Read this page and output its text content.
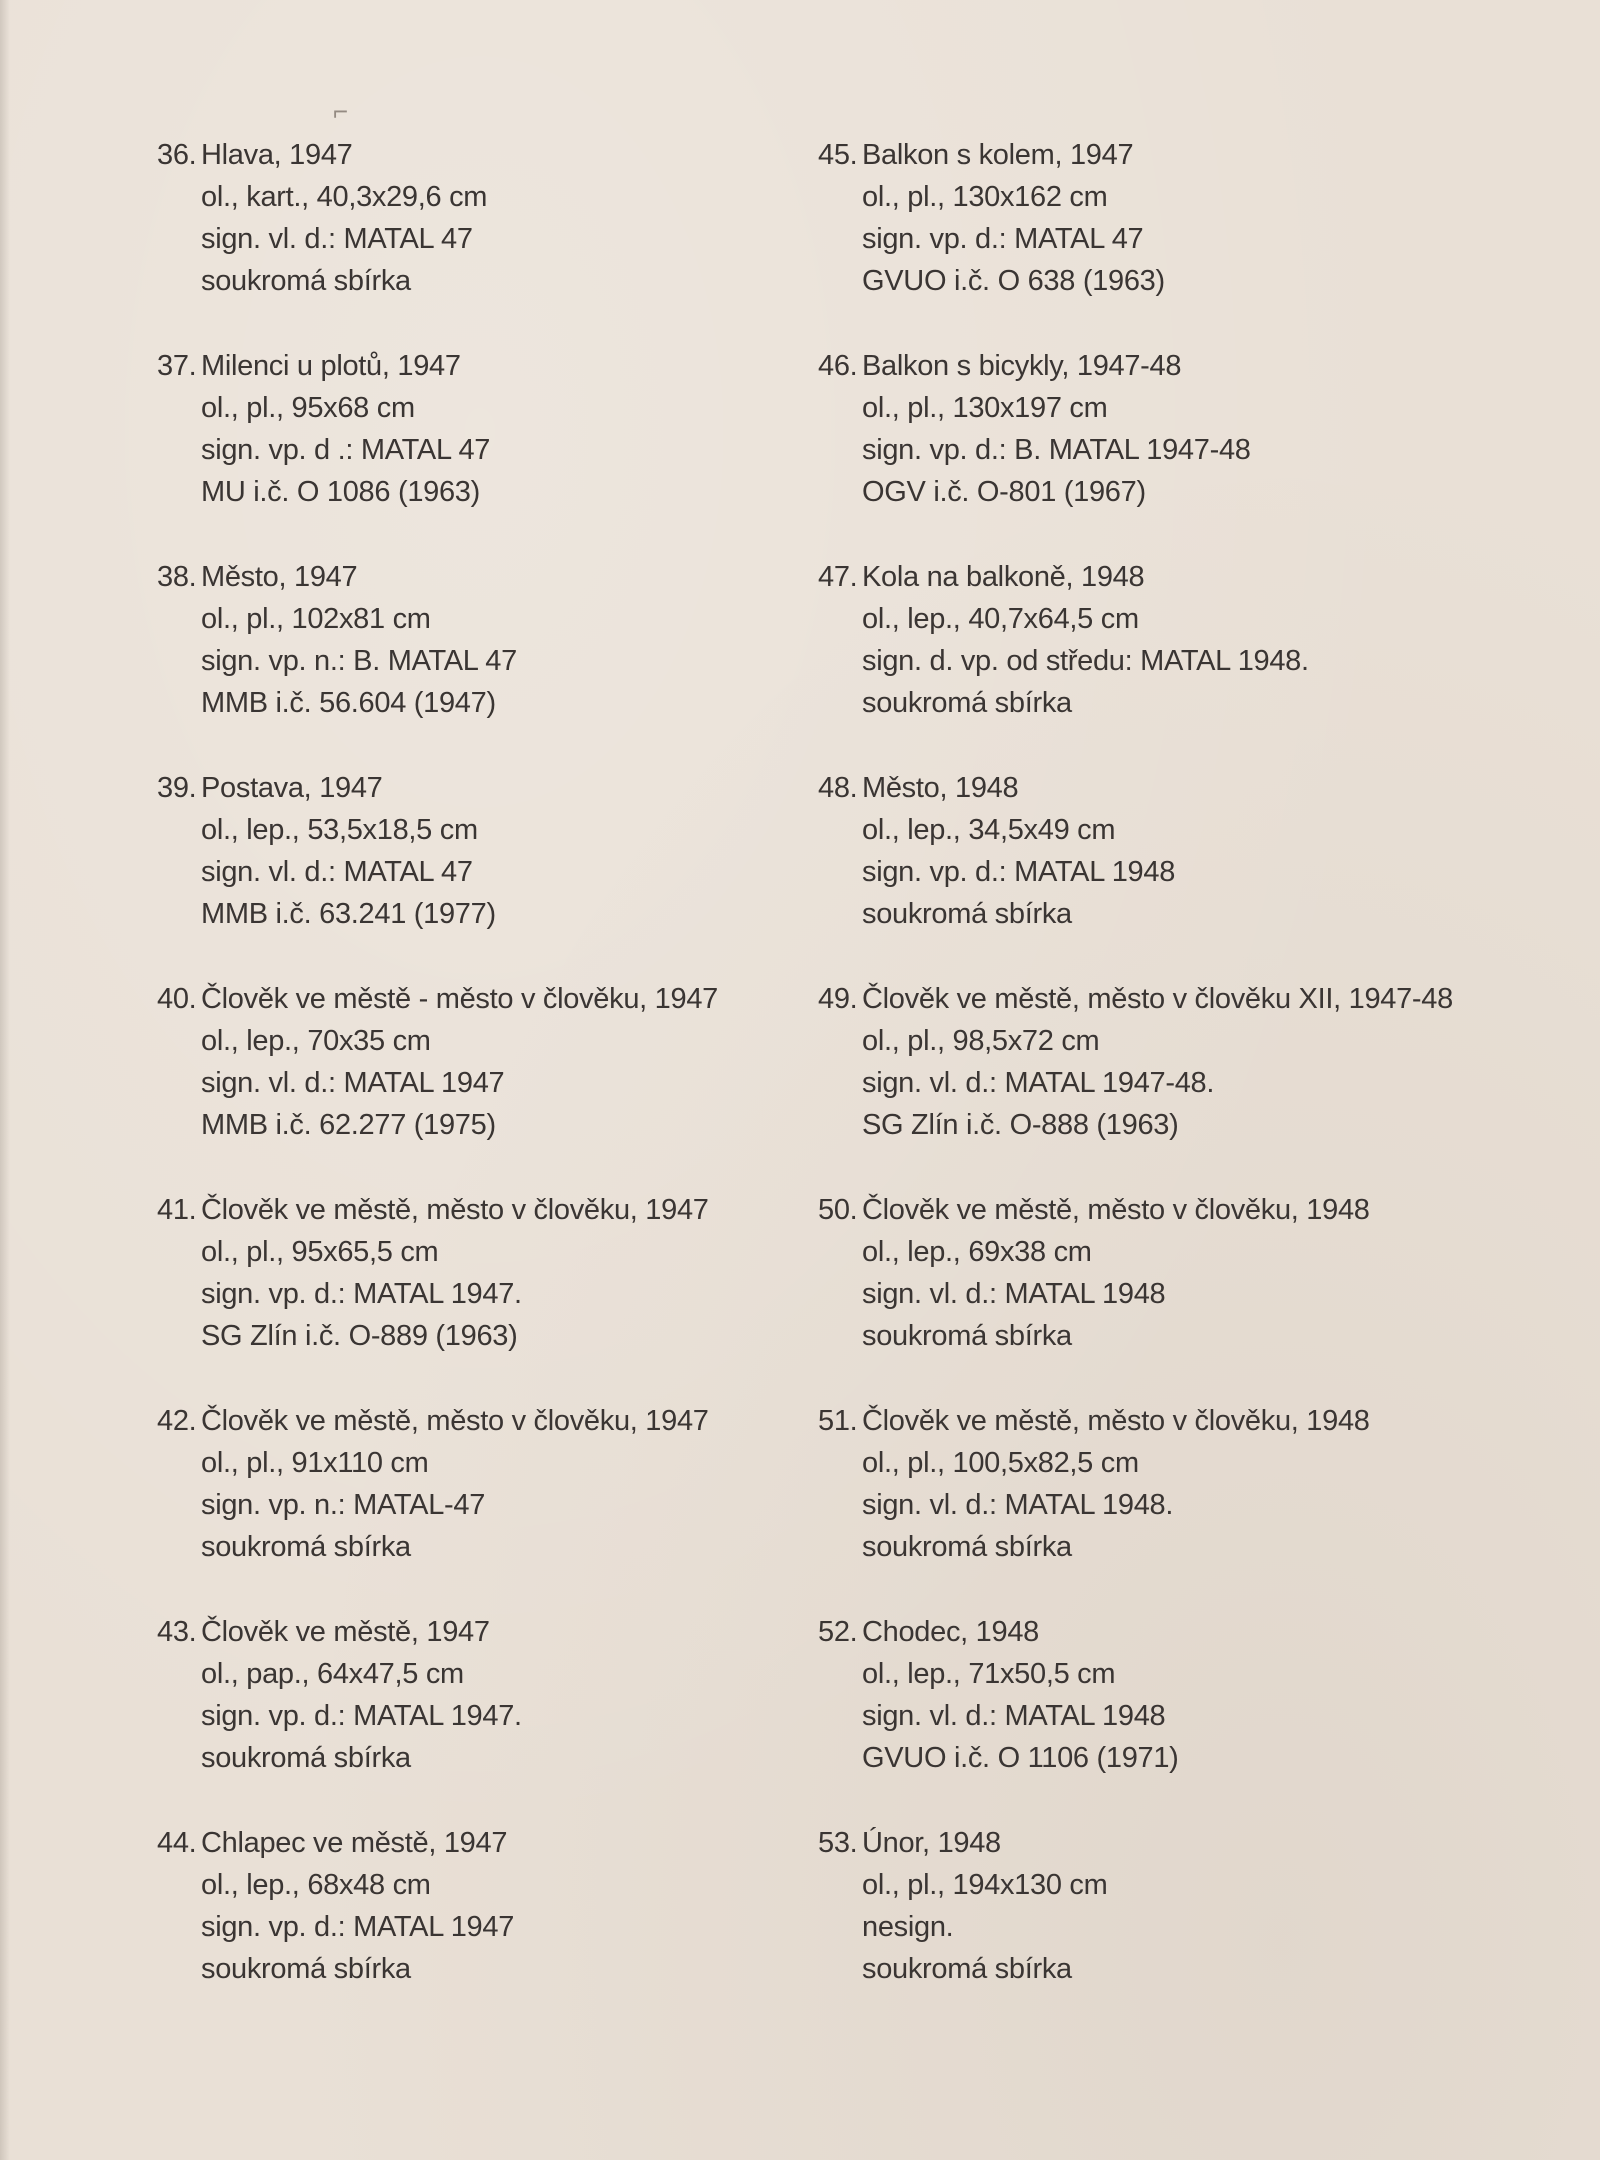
⌐
36. Hlava, 1947
ol., kart., 40,3x29,6 cm
sign. vl. d.: MATAL 47
soukromá sbírka
37. Milenci u plotů, 1947
ol., pl., 95x68 cm
sign. vp. d .: MATAL 47
MU i.č. O 1086 (1963)
38. Město, 1947
ol., pl., 102x81 cm
sign. vp. n.: B. MATAL 47
MMB i.č. 56.604 (1947)
39. Postava, 1947
ol., lep., 53,5x18,5 cm
sign. vl. d.: MATAL 47
MMB i.č. 63.241 (1977)
40. Člověk ve městě - město v člověku, 1947
ol., lep., 70x35 cm
sign. vl. d.: MATAL 1947
MMB i.č. 62.277 (1975)
41. Člověk ve městě, město v člověku, 1947
ol., pl., 95x65,5 cm
sign. vp. d.: MATAL 1947.
SG Zlín i.č. O-889 (1963)
42. Člověk ve městě, město v člověku, 1947
ol., pl., 91x110 cm
sign. vp. n.: MATAL-47
soukromá sbírka
43. Člověk ve městě, 1947
ol., pap., 64x47,5 cm
sign. vp. d.: MATAL 1947.
soukromá sbírka
44. Chlapec ve městě, 1947
ol., lep., 68x48 cm
sign. vp. d.: MATAL 1947
soukromá sbírka
45. Balkon s kolem, 1947
ol., pl., 130x162 cm
sign. vp. d.: MATAL 47
GVUO i.č. O 638 (1963)
46. Balkon s bicykly, 1947-48
ol., pl., 130x197 cm
sign. vp. d.: B. MATAL 1947-48
OGV i.č. O-801 (1967)
47. Kola na balkoně, 1948
ol., lep., 40,7x64,5 cm
sign. d. vp. od středu: MATAL 1948.
soukromá sbírka
48. Město, 1948
ol., lep., 34,5x49 cm
sign. vp. d.: MATAL 1948
soukromá sbírka
49. Člověk ve městě, město v člověku XII, 1947-48
ol., pl., 98,5x72 cm
sign. vl. d.: MATAL 1947-48.
SG Zlín i.č. O-888 (1963)
50. Člověk ve městě, město v člověku, 1948
ol., lep., 69x38 cm
sign. vl. d.: MATAL 1948
soukromá sbírka
51. Člověk ve městě, město v člověku, 1948
ol., pl., 100,5x82,5 cm
sign. vl. d.: MATAL 1948.
soukromá sbírka
52. Chodec, 1948
ol., lep., 71x50,5 cm
sign. vl. d.: MATAL 1948
GVUO i.č. O 1106 (1971)
53. Únor, 1948
ol., pl., 194x130 cm
nesign.
soukromá sbírka
